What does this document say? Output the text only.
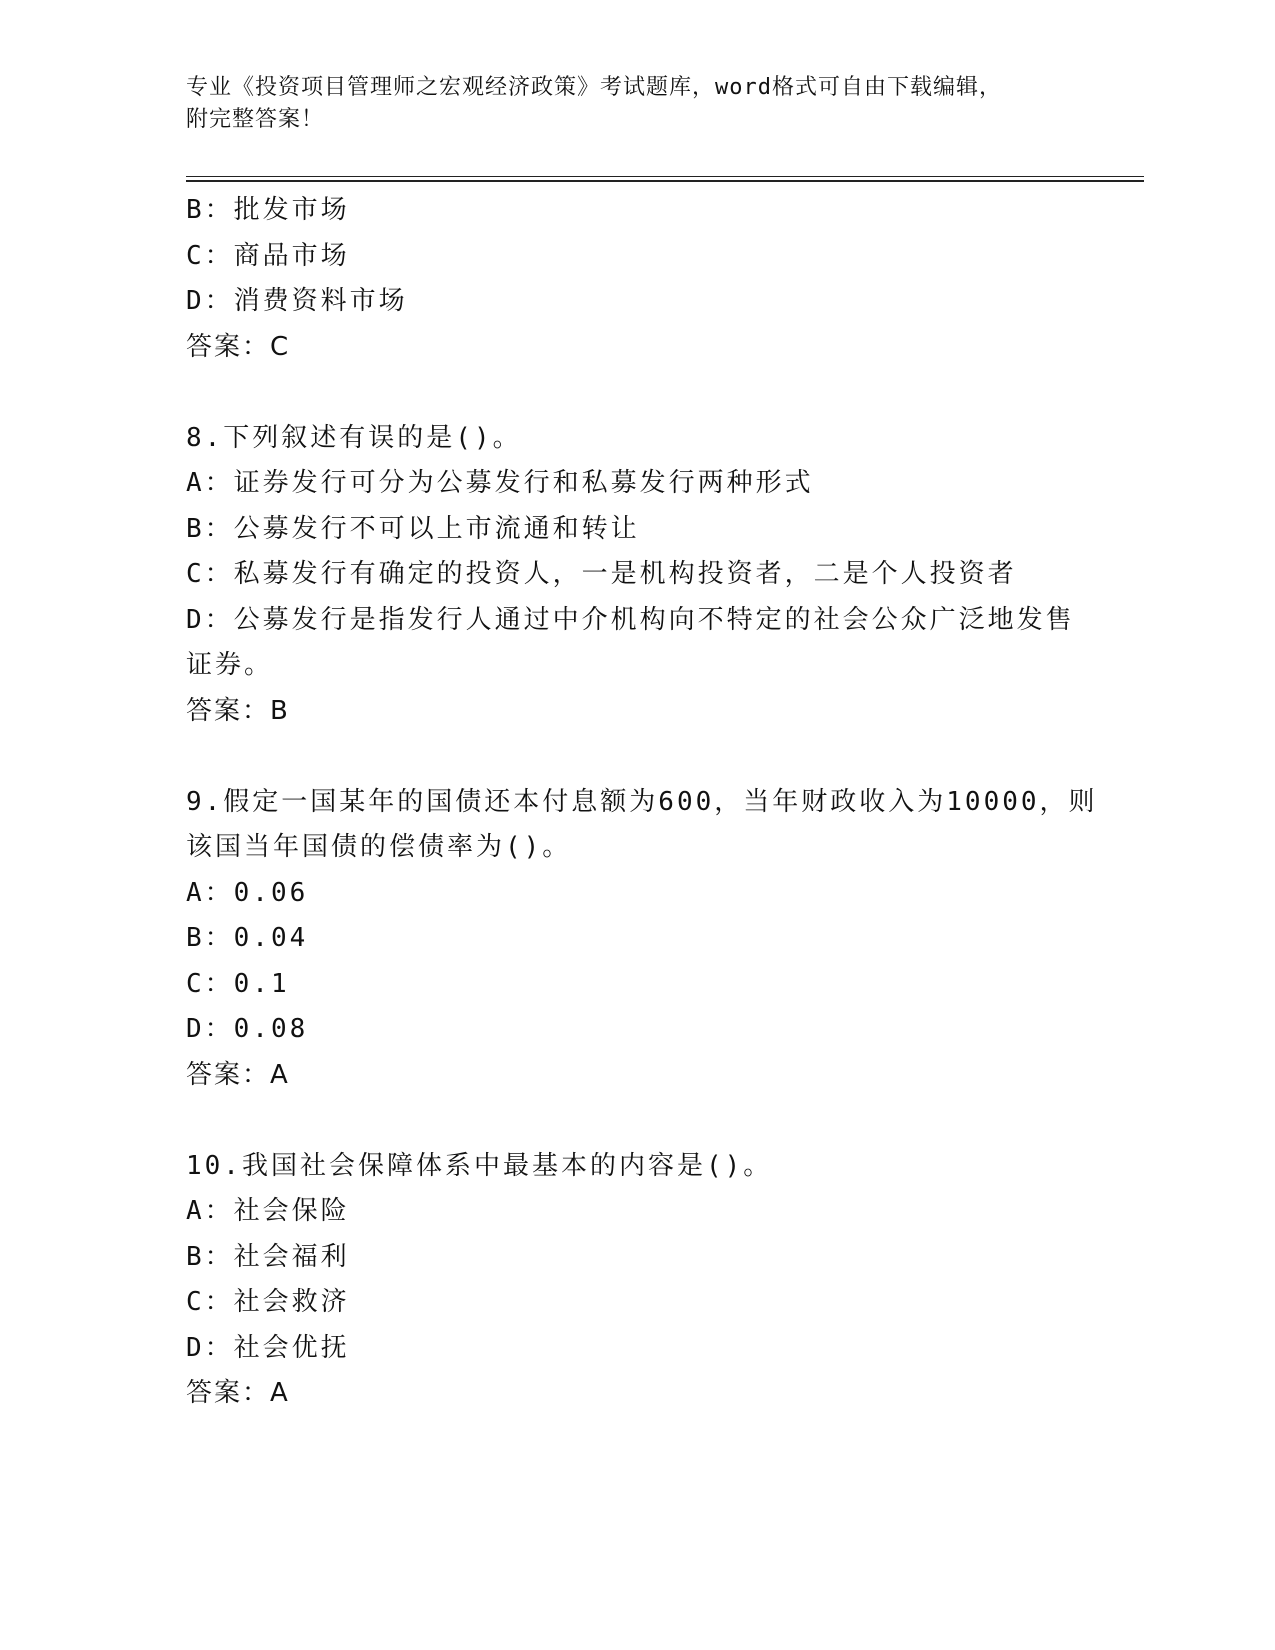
专业《投资项目管理师之宏观经济政策》考试题库，word格式可自由下载编辑，

附完整答案！

B：批发市场

C：商品市场

D：消费资料市场

答案：C

8.下列叙述有误的是()。

A：证券发行可分为公募发行和私募发行两种形式

B：公募发行不可以上市流通和转让

C：私募发行有确定的投资人，一是机构投资者，二是个人投资者

D：公募发行是指发行人通过中介机构向不特定的社会公众广泛地发售

证券。

答案：B

9.假定一国某年的国债还本付息额为600，当年财政收入为10000，则

该国当年国债的偿债率为()。

A：0.06

B：0.04

C：0.1

D：0.08

答案：A

10.我国社会保障体系中最基本的内容是()。

A：社会保险

B：社会福利

C：社会救济

D：社会优抚

答案：A
